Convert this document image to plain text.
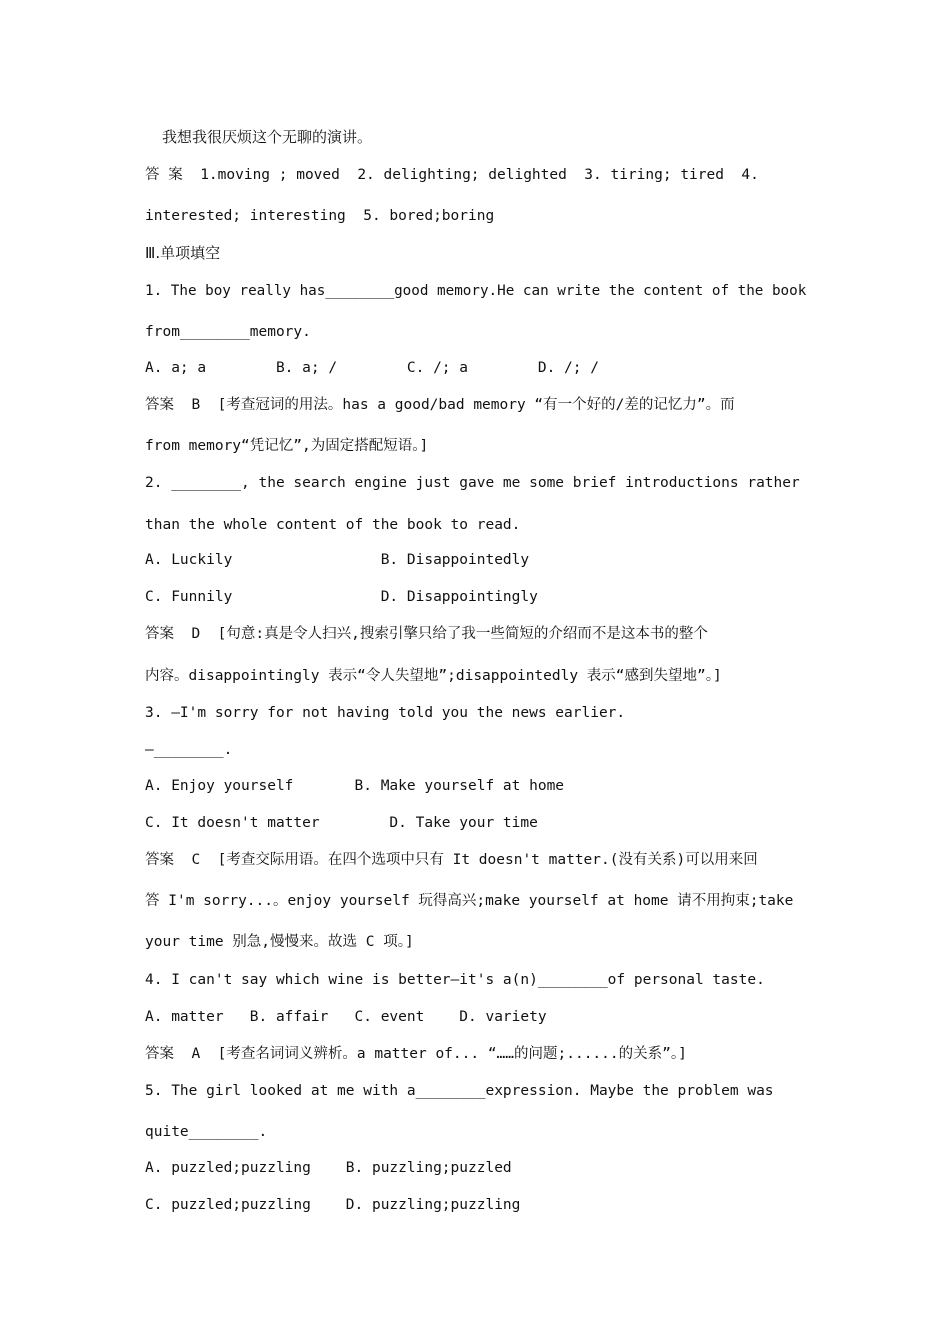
我想我很厌烦这个无聊的演讲。
答 案  1.moving ; moved  2. delighting; delighted  3. tiring; tired  4.
interested; interesting  5. bored;boring
Ⅲ.单项填空
1. The boy really has________good memory.He can write the content of the book
from________memory.
A. a; a        B. a; /        C. /; a        D. /; /
答案  B  [考查冠词的用法。has a good/bad memory “有一个好的/差的记忆力”。而
from memory“凭记忆”,为固定搭配短语。]
2. ________, the search engine just gave me some brief introductions rather
than the whole content of the book to read.
A. Luckily                 B. Disappointedly
C. Funnily                 D. Disappointingly
答案  D  [句意:真是令人扫兴,搜索引擎只给了我一些简短的介绍而不是这本书的整个
内容。disappointingly 表示“令人失望地”;disappointedly 表示“感到失望地”。]
3. —I'm sorry for not having told you the news earlier.
—________.
A. Enjoy yourself       B. Make yourself at home
C. It doesn't matter        D. Take your time
答案  C  [考查交际用语。在四个选项中只有 It doesn't matter.(没有关系)可以用来回
答 I'm sorry...。enjoy yourself 玩得高兴;make yourself at home 请不用拘束;take
your time 别急,慢慢来。故选 C 项。]
4. I can't say which wine is better—it's a(n)________of personal taste.
A. matter   B. affair   C. event    D. variety
答案  A  [考查名词词义辨析。a matter of... “……的问题;......的关系”。]
5. The girl looked at me with a________expression. Maybe the problem was
quite________.
A. puzzled;puzzling    B. puzzling;puzzled
C. puzzled;puzzling    D. puzzling;puzzling
